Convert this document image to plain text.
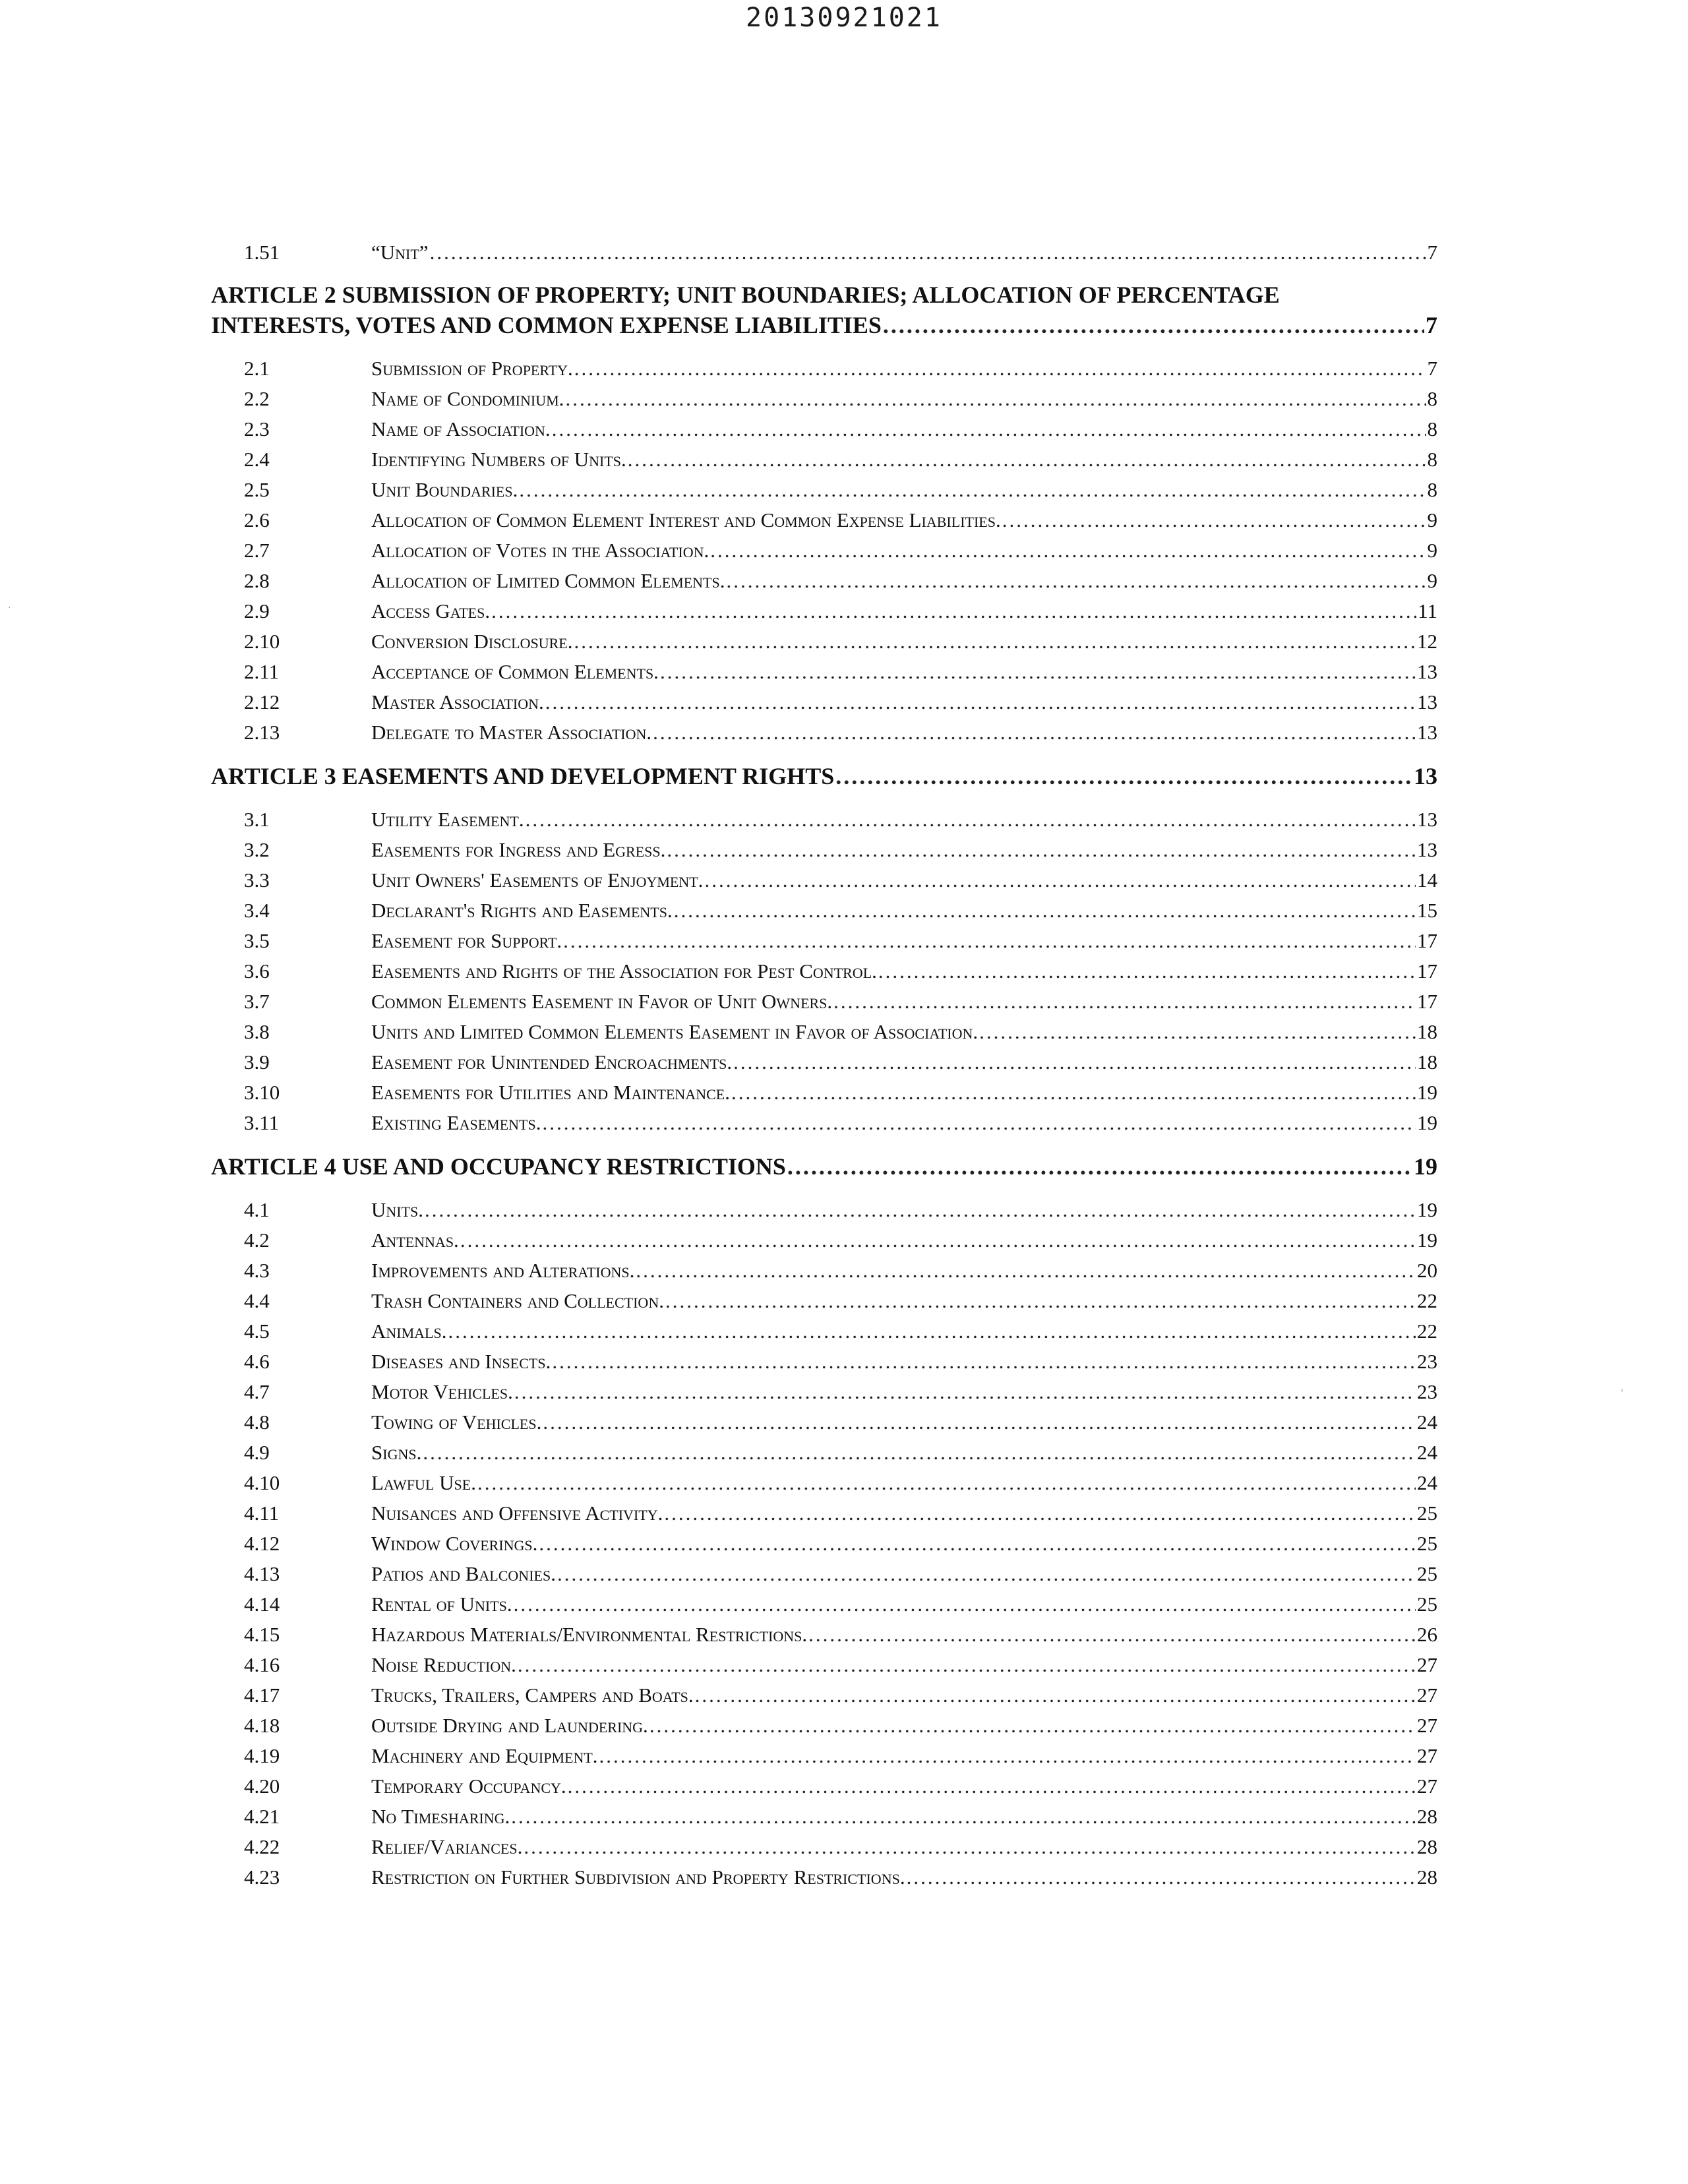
20130921021
1.51	“Unit” .....	7
ARTICLE 2 SUBMISSION OF PROPERTY; UNIT BOUNDARIES; ALLOCATION OF PERCENTAGE
INTERESTS, VOTES AND COMMON EXPENSE LIABILITIES .....	7
2.1	Submission of Property. .....	7
2.2	Name of Condominium. .....	8
2.3	Name of Association. .....	8
2.4	Identifying Numbers of Units. .....	8
2.5	Unit Boundaries. .....	8
2.6	Allocation of Common Element Interest and Common Expense Liabilities. .....	9
2.7	Allocation of Votes in the Association. .....	9
2.8	Allocation of Limited Common Elements. .....	9
2.9	Access Gates. .....	11
2.10	Conversion Disclosure. .....	12
2.11	Acceptance of Common Elements. .....	13
2.12	Master Association. .....	13
2.13	Delegate to Master Association. .....	13
ARTICLE 3 EASEMENTS AND DEVELOPMENT RIGHTS .....	13
3.1	Utility Easement. .....	13
3.2	Easements for Ingress and Egress. .....	13
3.3	Unit Owners' Easements of Enjoyment. .....	14
3.4	Declarant's Rights and Easements. .....	15
3.5	Easement for Support. .....	17
3.6	Easements and Rights of the Association for Pest Control. .....	17
3.7	Common Elements Easement in Favor of Unit Owners. .....	17
3.8	Units and Limited Common Elements Easement in Favor of Association. .....	18
3.9	Easement for Unintended Encroachments. .....	18
3.10	Easements for Utilities and Maintenance. .....	19
3.11	Existing Easements. .....	19
ARTICLE 4 USE AND OCCUPANCY RESTRICTIONS .....	19
4.1	Units. .....	19
4.2	Antennas. .....	19
4.3	Improvements and Alterations. .....	20
4.4	Trash Containers and Collection. .....	22
4.5	Animals. .....	22
4.6	Diseases and Insects. .....	23
4.7	Motor Vehicles. .....	23
4.8	Towing of Vehicles. .....	24
4.9	Signs. .....	24
4.10	Lawful Use. .....	24
4.11	Nuisances and Offensive Activity. .....	25
4.12	Window Coverings. .....	25
4.13	Patios and Balconies. .....	25
4.14	Rental of Units. .....	25
4.15	Hazardous Materials/Environmental Restrictions. .....	26
4.16	Noise Reduction. .....	27
4.17	Trucks, Trailers, Campers and Boats. .....	27
4.18	Outside Drying and Laundering. .....	27
4.19	Machinery and Equipment. .....	27
4.20	Temporary Occupancy. .....	27
4.21	No Timesharing. .....	28
4.22	Relief/Variances. .....	28
4.23	Restriction on Further Subdivision and Property Restrictions. .....	28
.
'
